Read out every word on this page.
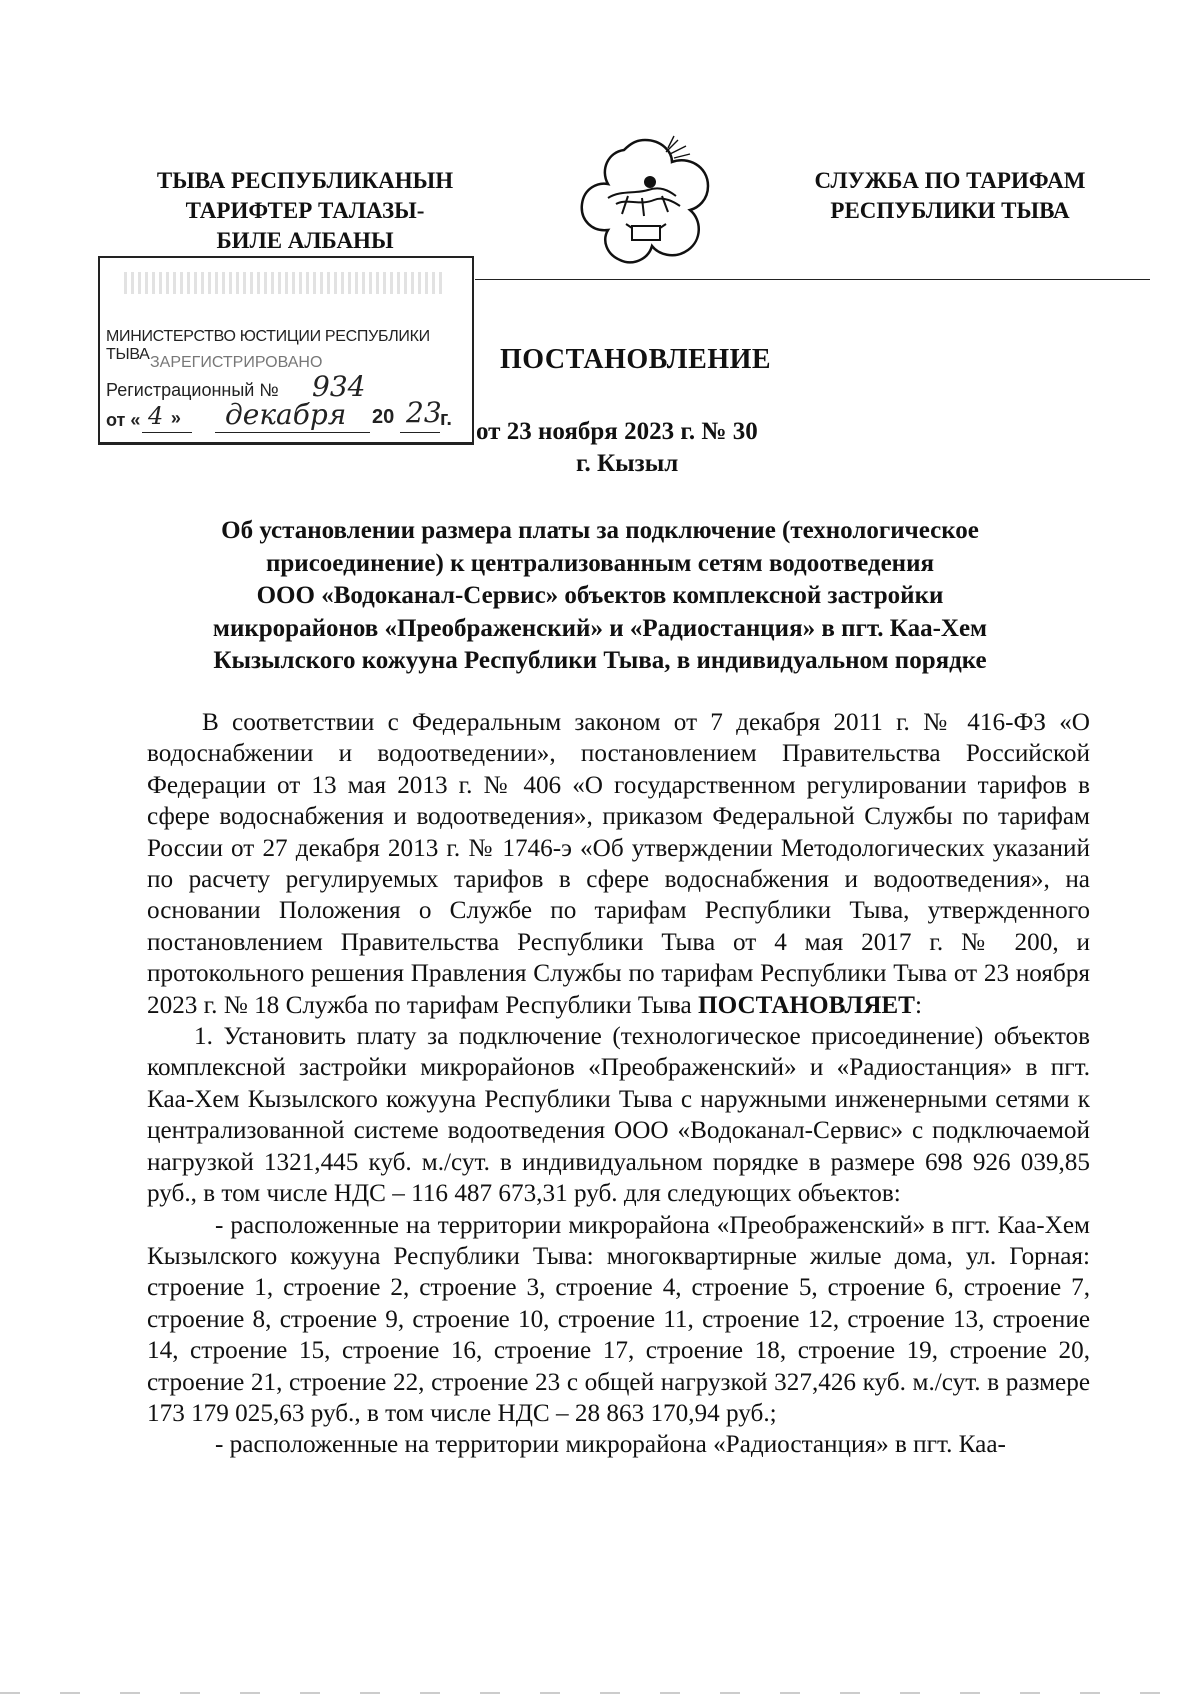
ТЫВА РЕСПУБЛИКАНЫН
ТАРИФТЕР ТАЛАЗЫ-
БИЛЕ АЛБАНЫ
СЛУЖБА ПО ТАРИФАМ
РЕСПУБЛИКИ ТЫВА
МИНИСТЕРСТВО ЮСТИЦИИ РЕСПУБЛИКИ ТЫВА ЗАРЕГИСТРИРОВАНО
Регистрационный № 934
от « 4 » декабря 20 23
г.
ПОСТАНОВЛЕНИЕ
от 23 ноября 2023 г. № 30
г. Кызыл
Об установлении размера платы за подключение (технологическое
присоединение) к централизованным сетям водоотведения
ООО «Водоканал-Сервис» объектов комплексной застройки
микрорайонов «Преображенский» и «Радиостанция» в пгт. Каа-Хем
Кызылского кожууна Республики Тыва, в индивидуальном порядке

В соответствии с Федеральным законом от 7 декабря 2011 г. № 416-ФЗ «О водоснабжении и водоотведении», постановлением Правительства Российской Федерации от 13 мая 2013 г. № 406 «О государственном регулировании тарифов в сфере водоснабжения и водоотведения», приказом Федеральной Службы по тарифам России от 27 декабря 2013 г. № 1746-э «Об утверждении Методологических указаний по расчету регулируемых тарифов в сфере водоснабжения и водоотведения», на основании Положения о Службе по тарифам Республики Тыва, утвержденного постановлением Правительства Республики Тыва от 4 мая 2017 г. № 200, и протокольного решения Правления Службы по тарифам Республики Тыва от 23 ноября 2023 г. № 18 Служба по тарифам Республики Тыва ПОСТАНОВЛЯЕТ:

1. Установить плату за подключение (технологическое присоединение) объектов комплексной застройки микрорайонов «Преображенский» и «Радиостанция» в пгт. Каа-Хем Кызылского кожууна Республики Тыва с наружными инженерными сетями к централизованной системе водоотведения ООО «Водоканал-Сервис» с подключаемой нагрузкой 1321,445 куб. м./сут. в индивидуальном порядке в размере 698 926 039,85 руб., в том числе НДС – 116 487 673,31 руб. для следующих объектов:

- расположенные на территории микрорайона «Преображенский» в пгт. Каа-Хем Кызылского кожууна Республики Тыва: многоквартирные жилые дома, ул. Горная: строение 1, строение 2, строение 3, строение 4, строение 5, строение 6, строение 7, строение 8, строение 9, строение 10, строение 11, строение 12, строение 13, строение 14, строение 15, строение 16, строение 17, строение 18, строение 19, строение 20, строение 21, строение 22, строение 23 с общей нагрузкой 327,426 куб. м./сут. в размере 173 179 025,63 руб., в том числе НДС – 28 863 170,94 руб.;

- расположенные на территории микрорайона «Радиостанция» в пгт. Каа-
